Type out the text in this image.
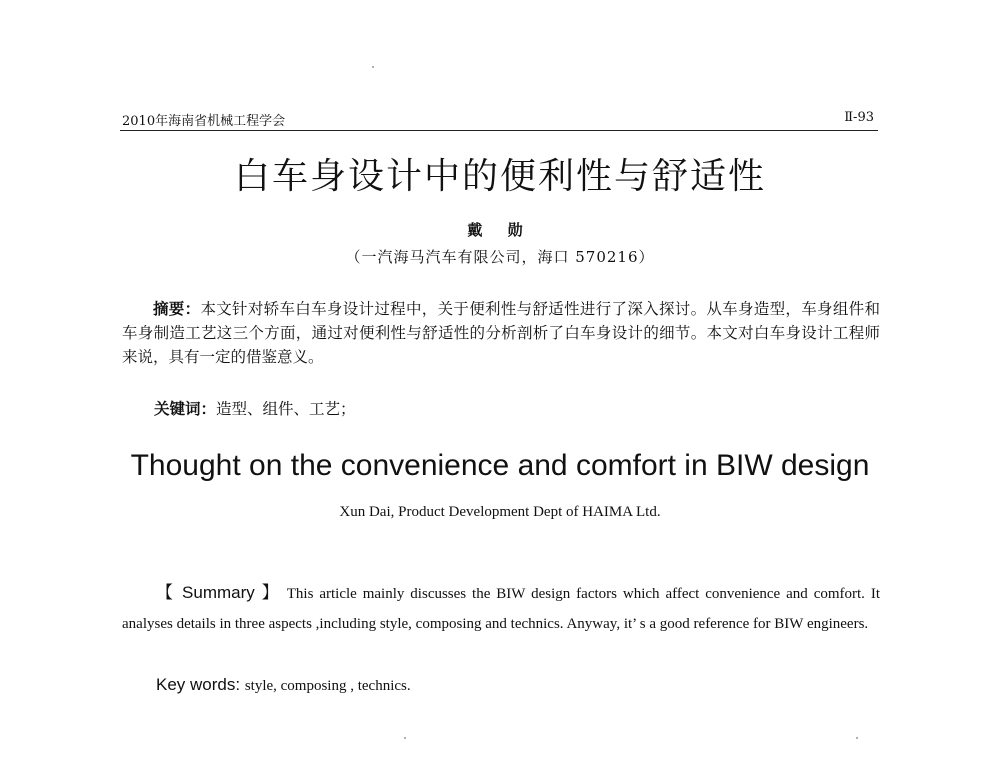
2010年海南省机械工程学会	Ⅱ-93
白车身设计中的便利性与舒适性
戴 勋
（一汽海马汽车有限公司，海口 570216）
摘要：本文针对轿车白车身设计过程中，关于便利性与舒适性进行了深入探讨。从车身造型，车身组件和车身制造工艺这三个方面，通过对便利性与舒适性的分析剖析了白车身设计的细节。本文对白车身设计工程师来说，具有一定的借鉴意义。
关键词：造型、组件、工艺；
Thought on the convenience and comfort in BIW design
Xun Dai, Product Development Dept of HAIMA Ltd.
【 Summary 】 This article mainly discusses the BIW design factors which affect convenience and comfort. It analyses details in three aspects ,including style, composing and technics. Anyway, it’ s a good reference for BIW engineers.
Key words: style, composing , technics.
